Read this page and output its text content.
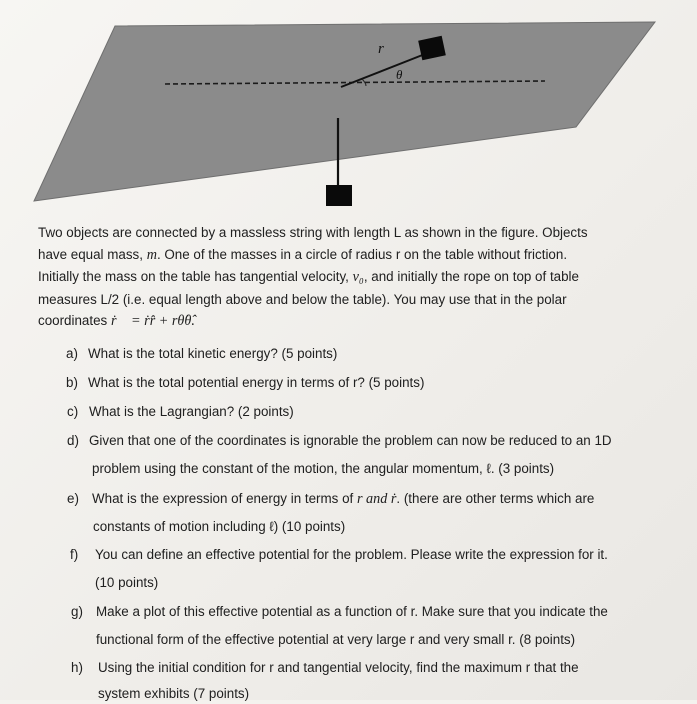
r
θ
Two objects are connected by a massless string with length L as shown in the figure. Objects
have equal mass, m. One of the masses in a circle of radius r on the table without friction.
Initially the mass on the table has tangential velocity, v₀, and initially the rope on top of table
measures L/2 (i.e. equal length above and below the table). You may use that in the polar
coordinates ṙ⃗ = ṙr̂ + rθ̇θ̂.
a) What is the total kinetic energy? (5 points)
b) What is the total potential energy in terms of r? (5 points)
c) What is the Lagrangian? (2 points)
d) Given that one of the coordinates is ignorable the problem can now be reduced to an 1D
problem using the constant of the motion, the angular momentum, ℓ. (3 points)
e) What is the expression of energy in terms of r and ṙ. (there are other terms which are
constants of motion including ℓ) (10 points)
f) You can define an effective potential for the problem. Please write the expression for it.
(10 points)
g) Make a plot of this effective potential as a function of r. Make sure that you indicate the
functional form of the effective potential at very large r and very small r. (8 points)
h) Using the initial condition for r and tangential velocity, find the maximum r that the
system exhibits (7 points)
